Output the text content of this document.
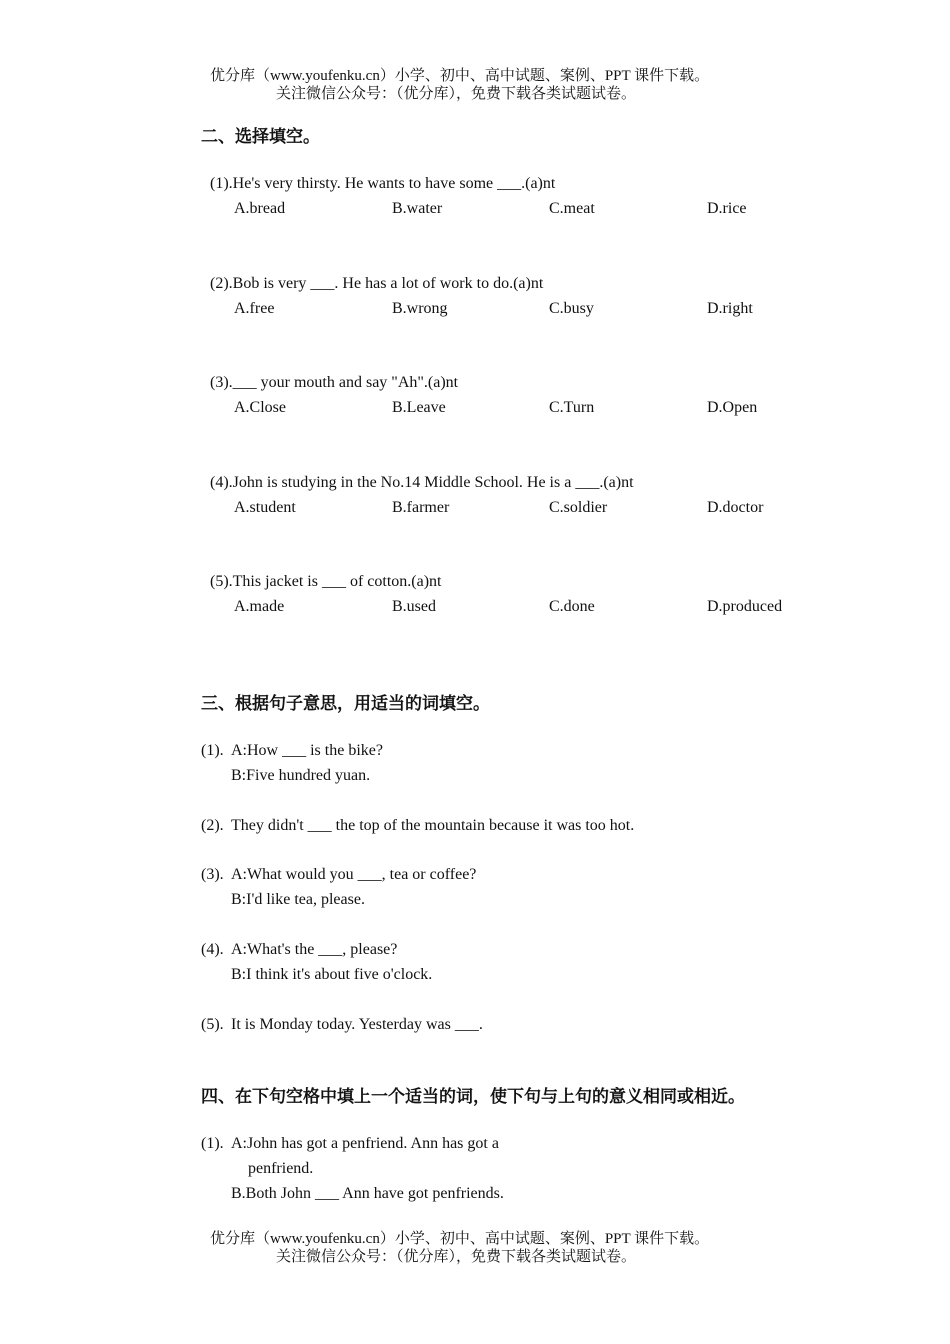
优分库（www.youfenku.cn）小学、初中、高中试题、案例、PPT 课件下载。
关注微信公众号：（优分库），免费下载各类试题试卷。
二、选择填空。
(1).He's very thirsty. He wants to have some ___.(a)nt
A.bread	B.water	C.meat	D.rice
(2).Bob is very ___. He has a lot of work to do.(a)nt
A.free	B.wrong	C.busy	D.right
(3).___ your mouth and say "Ah".(a)nt
A.Close	B.Leave	C.Turn	D.Open
(4).John is studying in the No.14 Middle School. He is a ___.(a)nt
A.student	B.farmer	C.soldier	D.doctor
(5).This jacket is ___ of cotton.(a)nt
A.made	B.used	C.done	D.produced
三、根据句子意思，用适当的词填空。
(1). A:How ___ is the bike?
B:Five hundred yuan.
(2). They didn't ___ the top of the mountain because it was too hot.
(3). A:What would you ___, tea or coffee?
B:I'd like tea, please.
(4). A:What's the ___, please?
B:I think it's about five o'clock.
(5). It is Monday today. Yesterday was ___.
四、在下句空格中填上一个适当的词，使下句与上句的意义相同或相近。
(1). A:John has got a penfriend. Ann has got a
penfriend.
B.Both John ___ Ann have got penfriends.
优分库（www.youfenku.cn）小学、初中、高中试题、案例、PPT 课件下载。
关注微信公众号：（优分库），免费下载各类试题试卷。
